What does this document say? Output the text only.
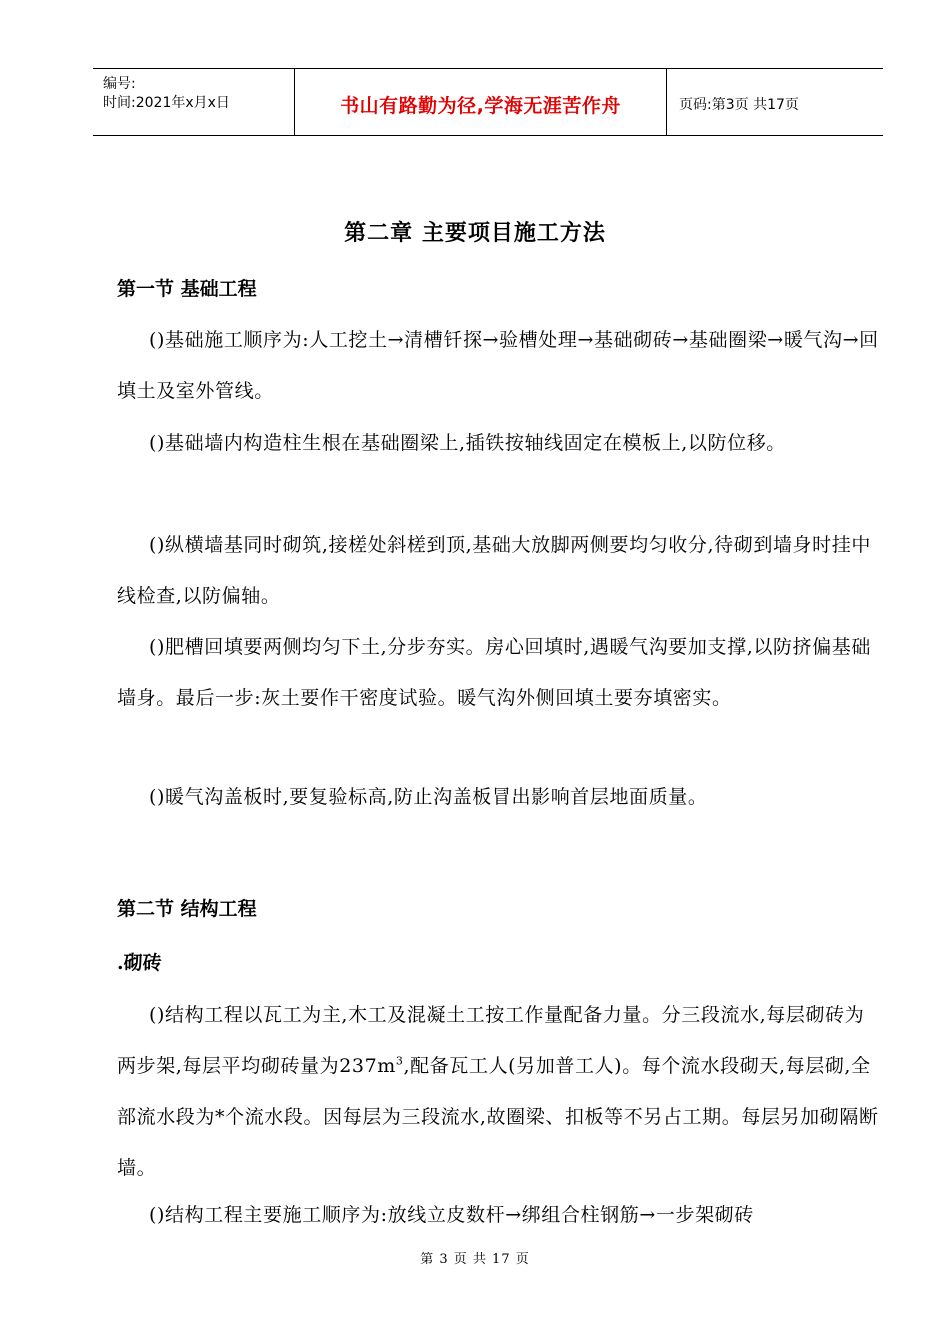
编号:
时间:2021年x月x日	书山有路勤为径,学海无涯苦作舟	页码:第3页 共17页
第二章 主要项目施工方法
第一节 基础工程

()基础施工顺序为:人工挖土→清槽钎探→验槽处理→基础砌砖→基础圈梁→暖气沟→回填土及室外管线。

()基础墙内构造柱生根在基础圈梁上,插铁按轴线固定在模板上,以防位移。

()纵横墙基同时砌筑,接槎处斜槎到顶,基础大放脚两侧要均匀收分,待砌到墙身时挂中线检查,以防偏轴。

()肥槽回填要两侧均匀下土,分步夯实。房心回填时,遇暖气沟要加支撑,以防挤偏基础墙身。最后一步:灰土要作干密度试验。暖气沟外侧回填土要夯填密实。

()暖气沟盖板时,要复验标高,防止沟盖板冒出影响首层地面质量。

第二节 结构工程
.砌砖

()结构工程以瓦工为主,木工及混凝土工按工作量配备力量。分三段流水,每层砌砖为两步架,每层平均砌砖量为$237m^3$,配备瓦工人(另加普工人)。每个流水段砌天,每层砌,全部流水段为*个流水段。因每层为三段流水,故圈梁、扣板等不另占工期。每层另加砌隔断墙。

()结构工程主要施工顺序为:放线立皮数杆→绑组合柱钢筋→一步架砌砖

第 3 页 共 17 页
